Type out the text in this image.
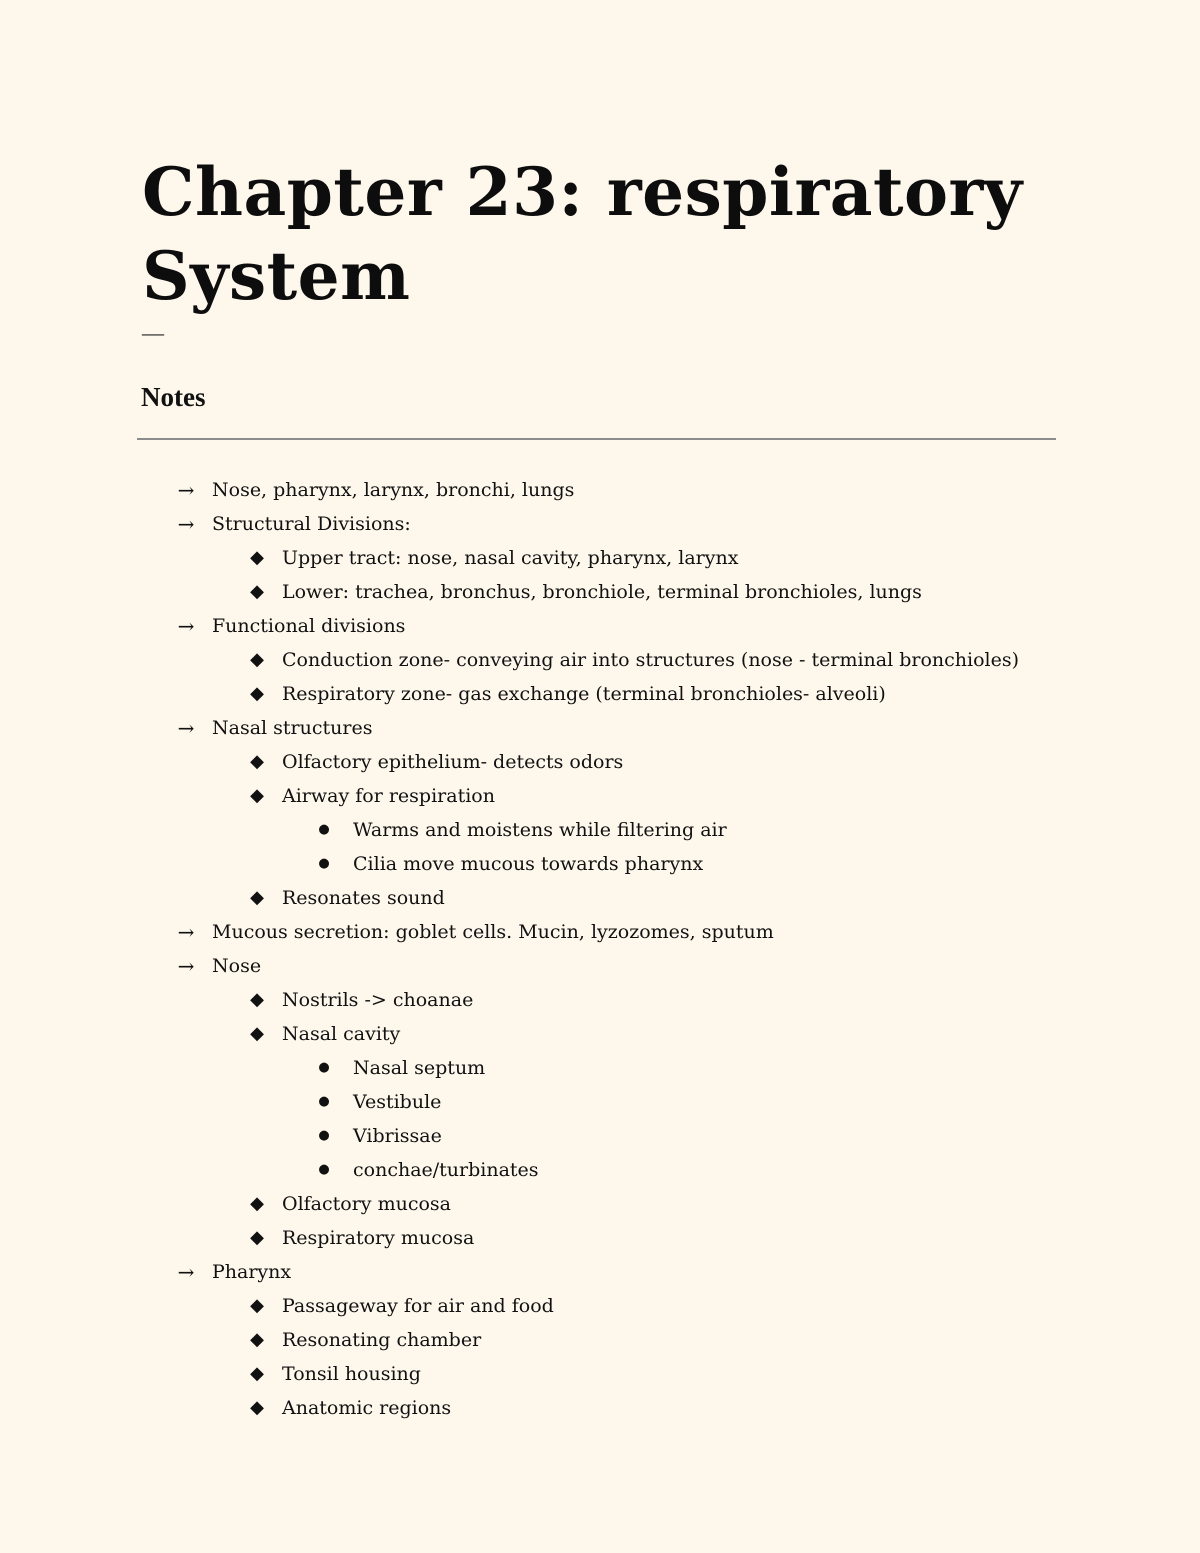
Chapter 23: respiratory System
—
Notes
→ Nose, pharynx, larynx, bronchi, lungs
→ Structural Divisions:
◆ Upper tract: nose, nasal cavity, pharynx, larynx
◆ Lower: trachea, bronchus, bronchiole, terminal bronchioles, lungs
→ Functional divisions
◆ Conduction zone- conveying air into structures (nose - terminal bronchioles)
◆ Respiratory zone- gas exchange (terminal bronchioles- alveoli)
→ Nasal structures
◆ Olfactory epithelium- detects odors
◆ Airway for respiration
●	Warms and moistens while filtering air
●	Cilia move mucous towards pharynx
◆ Resonates sound
→ Mucous secretion: goblet cells. Mucin, lyzozomes, sputum
→ Nose
◆ Nostrils -> choanae
◆ Nasal cavity
●	Nasal septum
●	Vestibule
●	Vibrissae
●	conchae/turbinates
◆ Olfactory mucosa
◆ Respiratory mucosa
→ Pharynx
◆ Passageway for air and food
◆ Resonating chamber
◆ Tonsil housing
◆ Anatomic regions
